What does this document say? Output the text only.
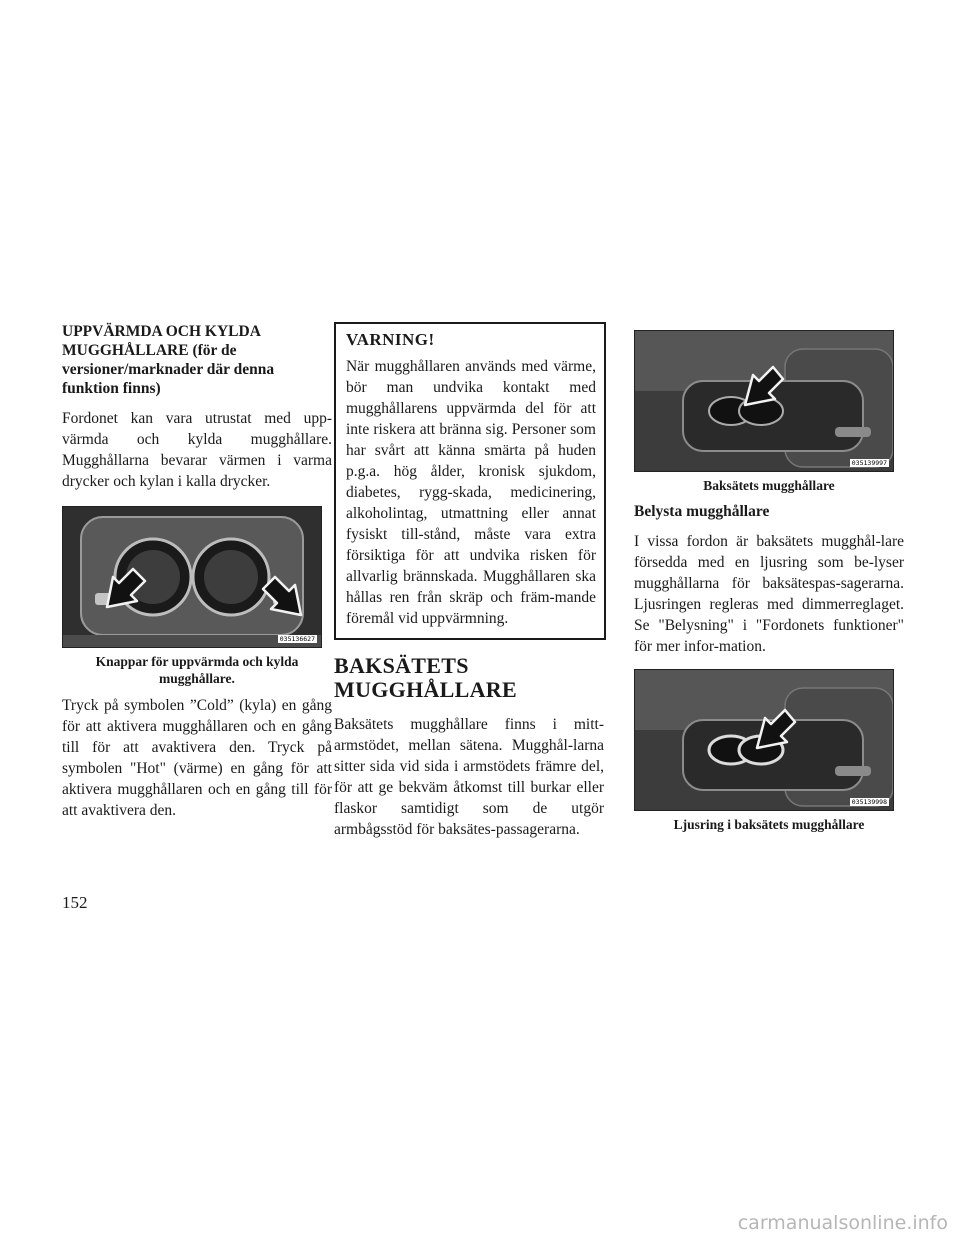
UPPVÄRMDA OCH KYLDA MUGGHÅLLARE (för de versioner/marknader där denna funktion finns)

Fordonet kan vara utrustat med upp-värmda och kylda mugghållare. Mugghållarna bevarar värmen i varma drycker och kylan i kalla drycker.

035136627

Knappar för uppvärmda och kylda mugghållare.

Tryck på symbolen ”Cold” (kyla) en gång för att aktivera mugghållaren och en gång till för att avaktivera den. Tryck på symbolen "Hot" (värme) en gång för att aktivera mugghållaren och en gång till för att avaktivera den.

VARNING!

När mugghållaren används med värme, bör man undvika kontakt med mugghållarens uppvärmda del för att inte riskera att bränna sig. Personer som har svårt att känna smärta på huden p.g.a. hög ålder, kronisk sjukdom, diabetes, rygg-skada, medicinering, alkoholintag, utmattning eller annat fysiskt till-stånd, måste vara extra försiktiga för att undvika risken för allvarlig brännskada. Mugghållaren ska hållas ren från skräp och främ-mande föremål vid uppvärmning.

BAKSÄTETS MUGGHÅLLARE

Baksätets mugghållare finns i mitt-armstödet, mellan sätena. Mugghål-larna sitter sida vid sida i armstödets främre del, för att ge bekväm åtkomst till burkar eller flaskor samtidigt som de utgör armbågsstöd för baksätes-passagerarna.

035139997

Baksätets mugghållare

Belysta mugghållare

I vissa fordon är baksätets mugghål-lare försedda med en ljusring som be-lyser mugghållarna för baksätespas-sagerarna. Ljusringen regleras med dimmerreglaget. Se "Belysning" i "Fordonets funktioner" för mer infor-mation.

035139998

Ljusring i baksätets mugghållare

152
carmanualsonline.info
